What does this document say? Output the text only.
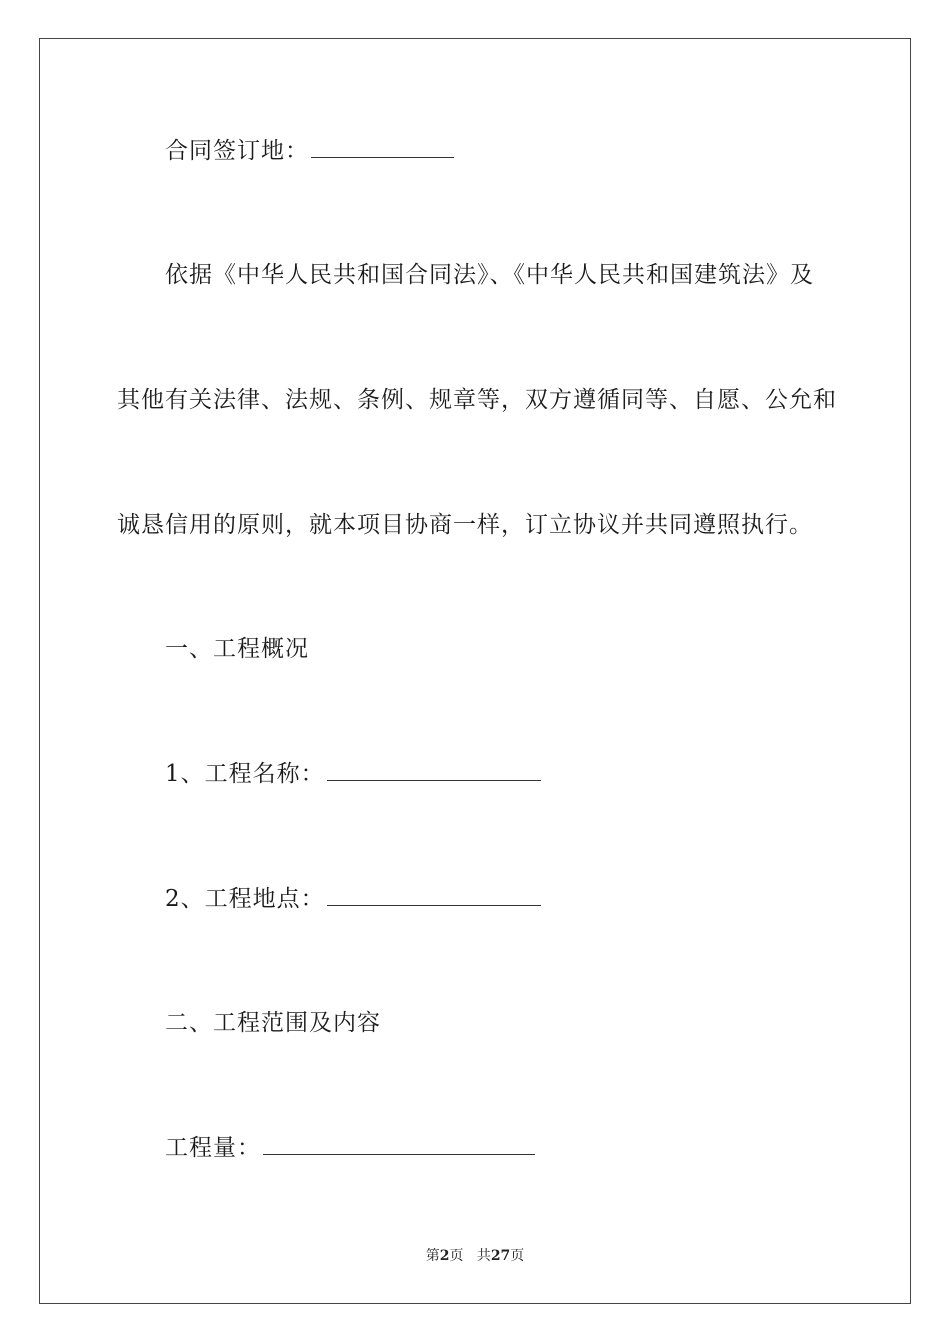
合同签订地：
依据《中华人民共和国合同法》、《中华人民共和国建筑法》及
其他有关法律、法规、条例、规章等，双方遵循同等、自愿、公允和
诚恳信用的原则，就本项目协商一样，订立协议并共同遵照执行。
一、工程概况
1、工程名称：
2、工程地点：
二、工程范围及内容
工程量：
第2页 共27页
